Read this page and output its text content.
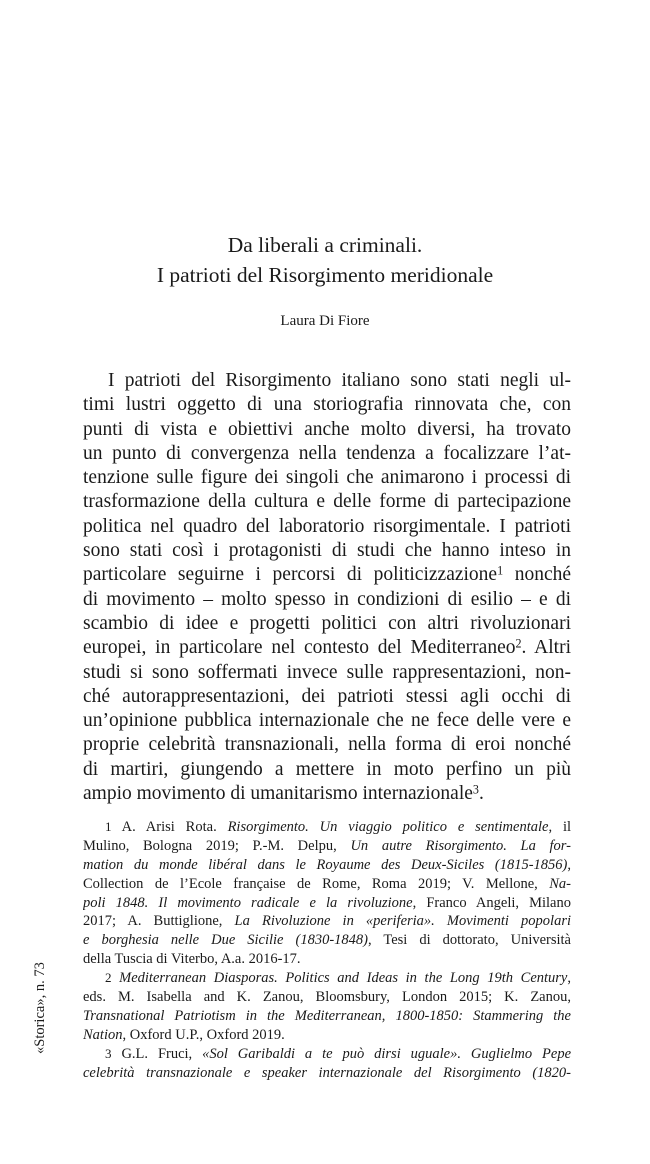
Da liberali a criminali.
I patrioti del Risorgimento meridionale
Laura Di Fiore
I patrioti del Risorgimento italiano sono stati negli ul-
timi lustri oggetto di una storiografia rinnovata che, con
punti di vista e obiettivi anche molto diversi, ha trovato
un punto di convergenza nella tendenza a focalizzare l’at-
tenzione sulle figure dei singoli che animarono i processi di
trasformazione della cultura e delle forme di partecipazione
politica nel quadro del laboratorio risorgimentale. I patrioti
sono stati così i protagonisti di studi che hanno inteso in
particolare seguirne i percorsi di politicizzazione$^1$ nonché
di movimento – molto spesso in condizioni di esilio – e di
scambio di idee e progetti politici con altri rivoluzionari
europei, in particolare nel contesto del Mediterraneo$^2$. Altri
studi si sono soffermati invece sulle rappresentazioni, non-
ché autorappresentazioni, dei patrioti stessi agli occhi di
un’opinione pubblica internazionale che ne fece delle vere e
proprie celebrità transnazionali, nella forma di eroi nonché
di martiri, giungendo a mettere in moto perfino un più
ampio movimento di umanitarismo internazionale$^3$.
1 A. Arisi Rota. Risorgimento. Un viaggio politico e sentimentale, il
Mulino, Bologna 2019; P.-M. Delpu, Un autre Risorgimento. La for-
mation du monde libéral dans le Royaume des Deux-Siciles (1815-1856),
Collection de l’Ecole française de Rome, Roma 2019; V. Mellone, Na-
poli 1848. Il movimento radicale e la rivoluzione, Franco Angeli, Milano
2017; A. Buttiglione, La Rivoluzione in «periferia». Movimenti popolari
e borghesia nelle Due Sicilie (1830-1848), Tesi di dottorato, Università
della Tuscia di Viterbo, A.a. 2016-17.
2 Mediterranean Diasporas. Politics and Ideas in the Long 19th Century,
eds. M. Isabella and K. Zanou, Bloomsbury, London 2015; K. Zanou,
Transnational Patriotism in the Mediterranean, 1800-1850: Stammering the
Nation, Oxford U.P., Oxford 2019.
3 G.L. Fruci, «Sol Garibaldi a te può dirsi uguale». Guglielmo Pepe
celebrità transnazionale e speaker internazionale del Risorgimento (1820-
«Storica», n. 73
